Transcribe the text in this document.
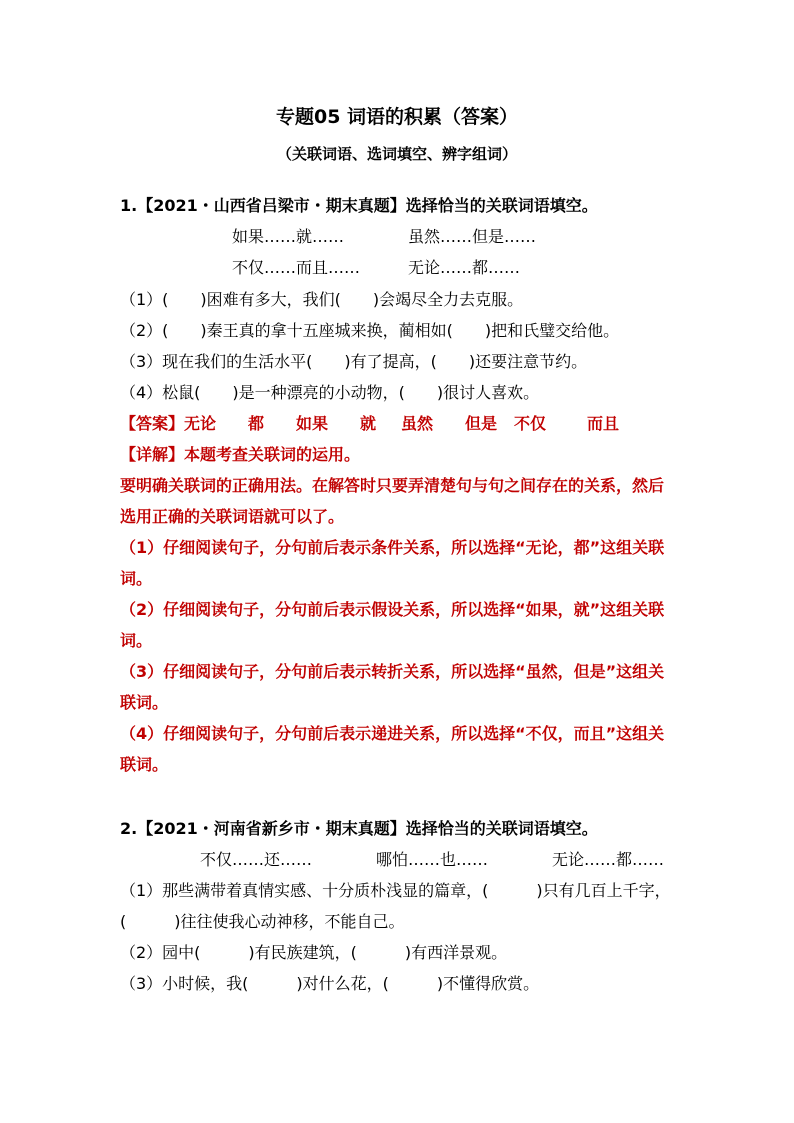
专题05 词语的积累（答案）
（关联词语、选词填空、辨字组词）
1.【2021・山西省吕梁市・期末真题】选择恰当的关联词语填空。
如果……就……	虽然……但是……
不仅……而且……	无论……都……
（1）(　　)困难有多大，我们(　　)会竭尽全力去克服。
（2）(　　)秦王真的拿十五座城来换，蔺相如(　　)把和氏璧交给他。
（3）现在我们的生活水平(　　)有了提高，(　　)还要注意节约。
（4）松鼠(　　)是一种漂亮的小动物，(　　)很讨人喜欢。
【答案】 无论 都 如果 就 虽然 但是 不仅	而且
【详解】 本题考查关联词的运用。
要明确关联词的正确用法。在解答时只要弄清楚句与句之间存在的关系，然后
选用正确的关联词语就可以了。
（1）仔细阅读句子，分句前后表示条件关系，所以选择“无论，都”这组关联
词。
（2）仔细阅读句子，分句前后表示假设关系，所以选择“如果，就”这组关联
词。
（3）仔细阅读句子，分句前后表示转折关系，所以选择“虽然，但是”这组关
联词。
（4）仔细阅读句子，分句前后表示递进关系，所以选择“不仅，而且”这组关
联词。
2.【2021・河南省新乡市・期末真题】选择恰当的关联词语填空。
不仅……还……	哪怕……也……	无论……都……
（1）那些满带着真情实感、十分质朴浅显的篇章，(　　　)只有几百上千字，
(　　　)往往使我心动神移，不能自己。
（2）园中(　　　)有民族建筑，(　　　)有西洋景观。
（3）小时候，我(　　　)对什么花，(　　　)不懂得欣赏。
